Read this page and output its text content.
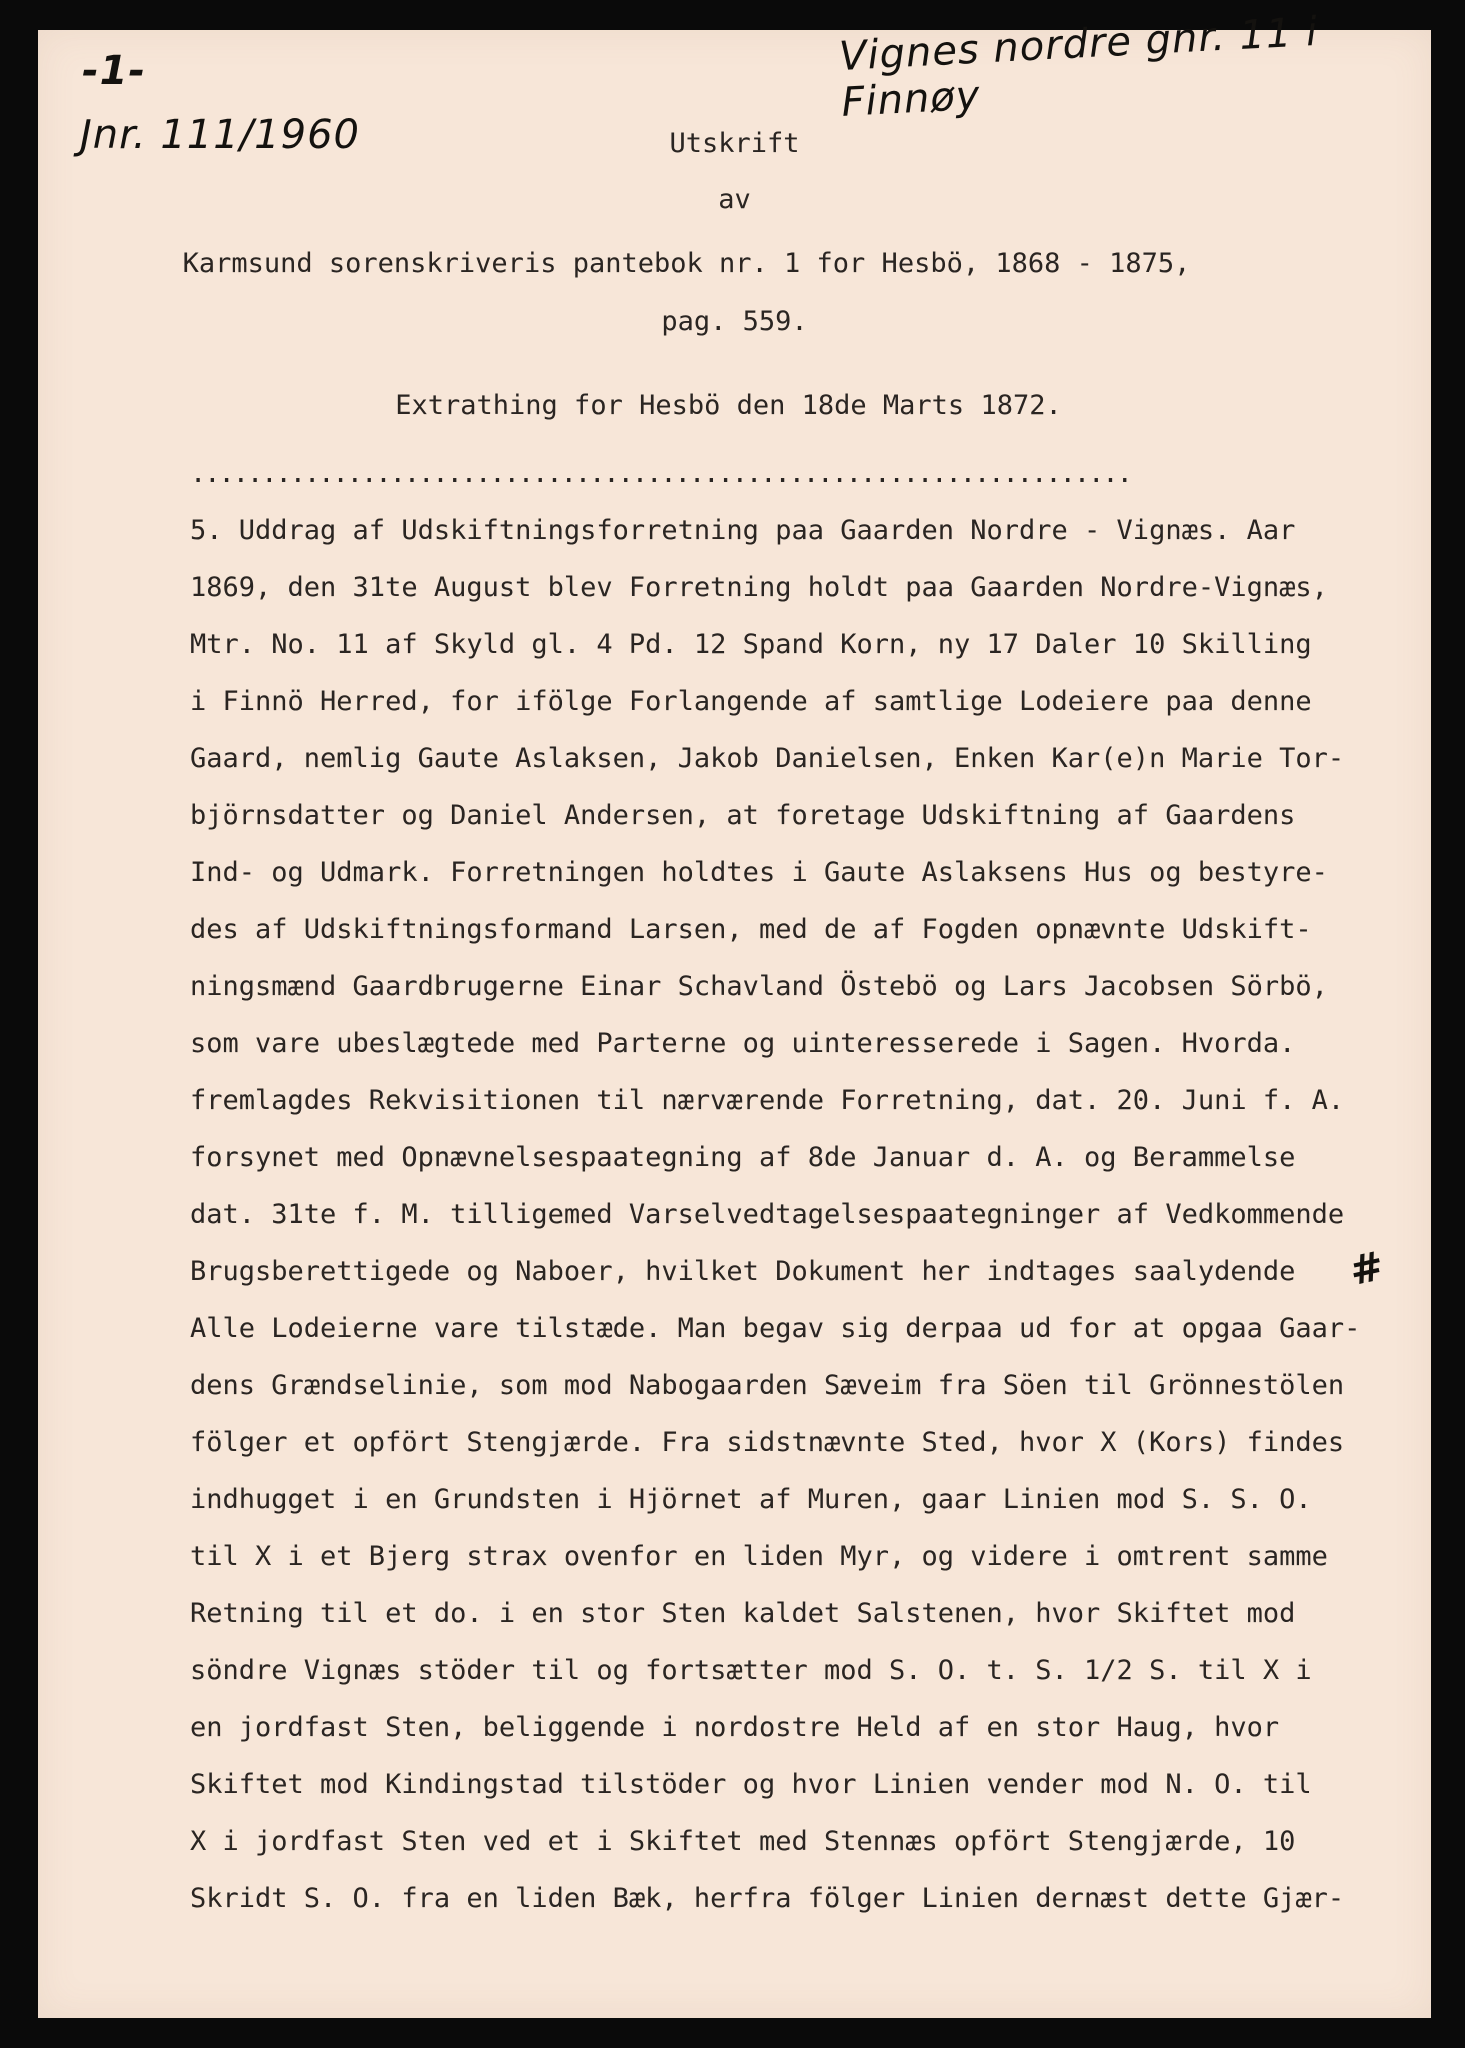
Vignes nordre gnr. 11 i Finnøy
-1-
Jnr. 111/1960	Utskrift
av
Karmsund sorenskriveris pantebok nr. 1 for Hesbö, 1868 - 1875,
pag. 559.
Extrathing for Hesbö den 18de Marts 1872.
..................................................................
5. Uddrag af Udskiftningsforretning paa Gaarden Nordre - Vignæs. Aar
1869, den 31te August blev Forretning holdt paa Gaarden Nordre-Vignæs,
Mtr. No. 11 af Skyld gl. 4 Pd. 12 Spand Korn, ny 17 Daler 10 Skilling
i Finnö Herred, for ifölge Forlangende af samtlige Lodeiere paa denne
Gaard, nemlig Gaute Aslaksen, Jakob Danielsen, Enken Kar(e)n Marie Tor-
björnsdatter og Daniel Andersen, at foretage Udskiftning af Gaardens
Ind- og Udmark. Forretningen holdtes i Gaute Aslaksens Hus og bestyre-
des af Udskiftningsformand Larsen, med de af Fogden opnævnte Udskift-
ningsmænd Gaardbrugerne Einar Schavland Östebö og Lars Jacobsen Sörbö,
som vare ubeslægtede med Parterne og uinteresserede i Sagen. Hvorda.
fremlagdes Rekvisitionen til nærværende Forretning, dat. 20. Juni f. A.
forsynet med Opnævnelsespaategning af 8de Januar d. A. og Berammelse
dat. 31te f. M. tilligemed Varselvedtagelsespaategninger af Vedkommende
Brugsberettigede og Naboer, hvilket Dokument her indtages saalydende
Alle Lodeierne vare tilstæde. Man begav sig derpaa ud for at opgaa Gaar-
dens Grændselinie, som mod Nabogaarden Sæveim fra Söen til Grönnestölen
fölger et opfört Stengjærde. Fra sidstnævnte Sted, hvor X (Kors) findes
indhugget i en Grundsten i Hjörnet af Muren, gaar Linien mod S. S. O.
til X i et Bjerg strax ovenfor en liden Myr, og videre i omtrent samme
Retning til et do. i en stor Sten kaldet Salstenen, hvor Skiftet mod
söndre Vignæs stöder til og fortsætter mod S. O. t. S. 1/2 S. til X i
en jordfast Sten, beliggende i nordostre Held af en stor Haug, hvor
Skiftet mod Kindingstad tilstöder og hvor Linien vender mod N. O. til
X i jordfast Sten ved et i Skiftet med Stennæs opfört Stengjærde, 10
Skridt S. O. fra en liden Bæk, herfra fölger Linien dernæst dette Gjær-
#
